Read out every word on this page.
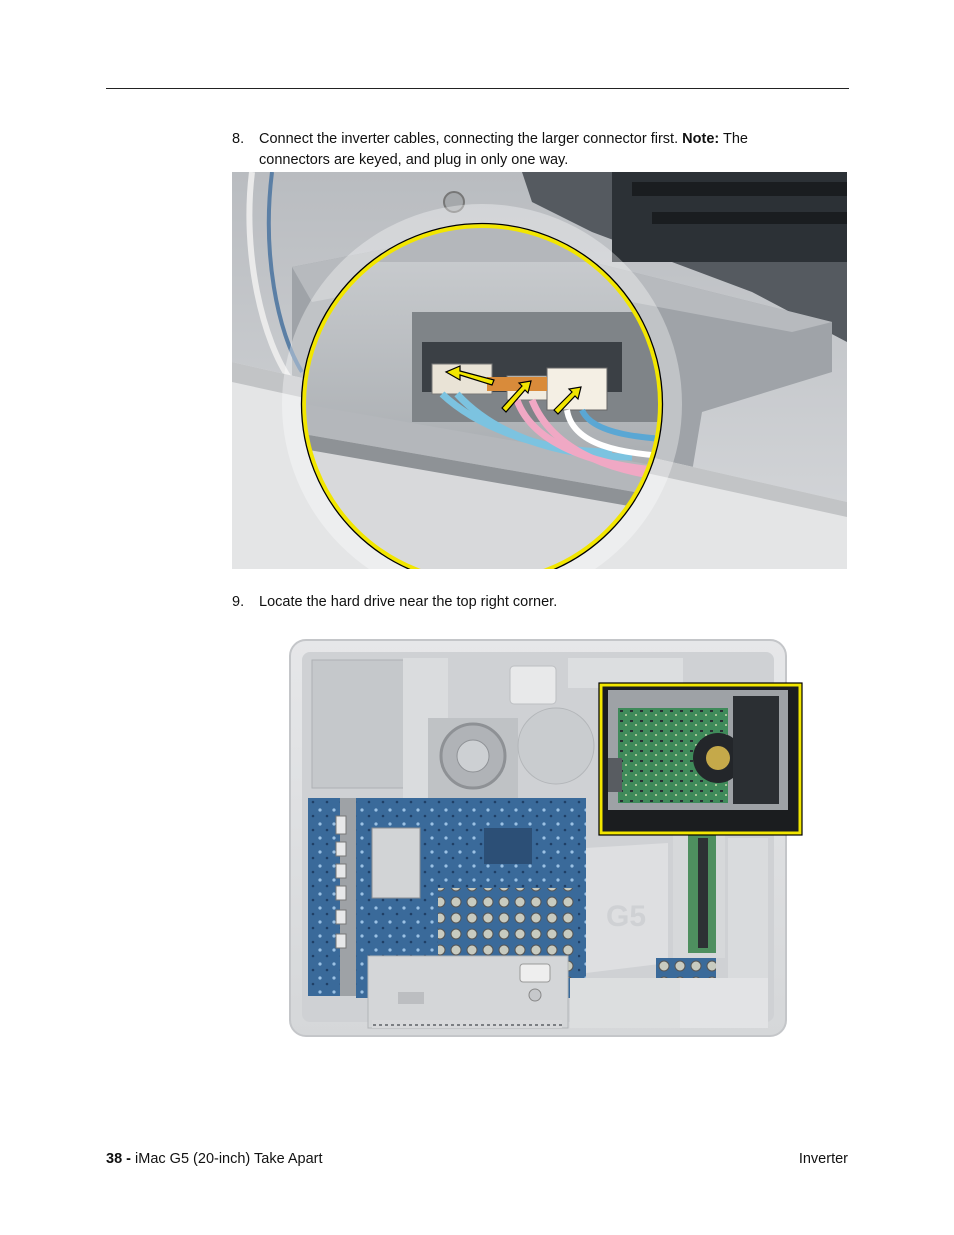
8.	Connect the inverter cables, connecting the larger connector first. Note: The
connectors are keyed, and plug in only one way.
9.	Locate the hard drive near the top right corner.
G5
38 - iMac G5 (20-inch) Take Apart	Inverter
